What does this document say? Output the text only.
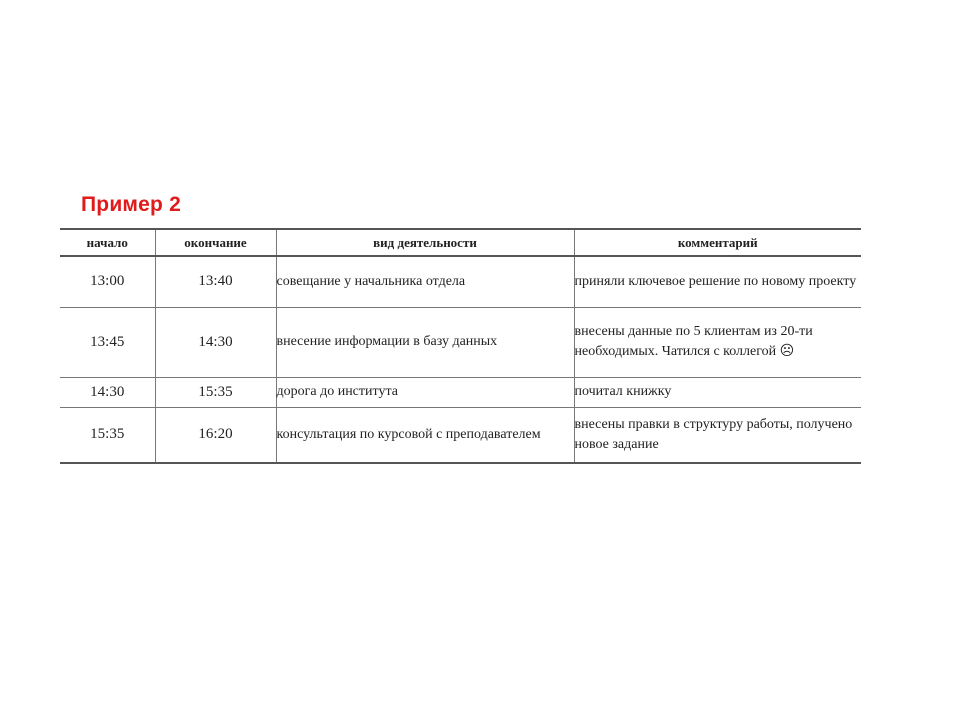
Пример 2
начало	окончание	вид деятельности	комментарий
13:00	13:40	совещание у начальника отдела	приняли ключевое решение по новому проекту
13:45	14:30	внесение информации в базу данных	внесены данные по 5 клиентам из 20-ти необходимых. Чатился с коллегой ☹
14:30	15:35	дорога до института	почитал книжку
15:35	16:20	консультация по курсовой с преподавателем	внесены правки в структуру работы, получено новое задание
